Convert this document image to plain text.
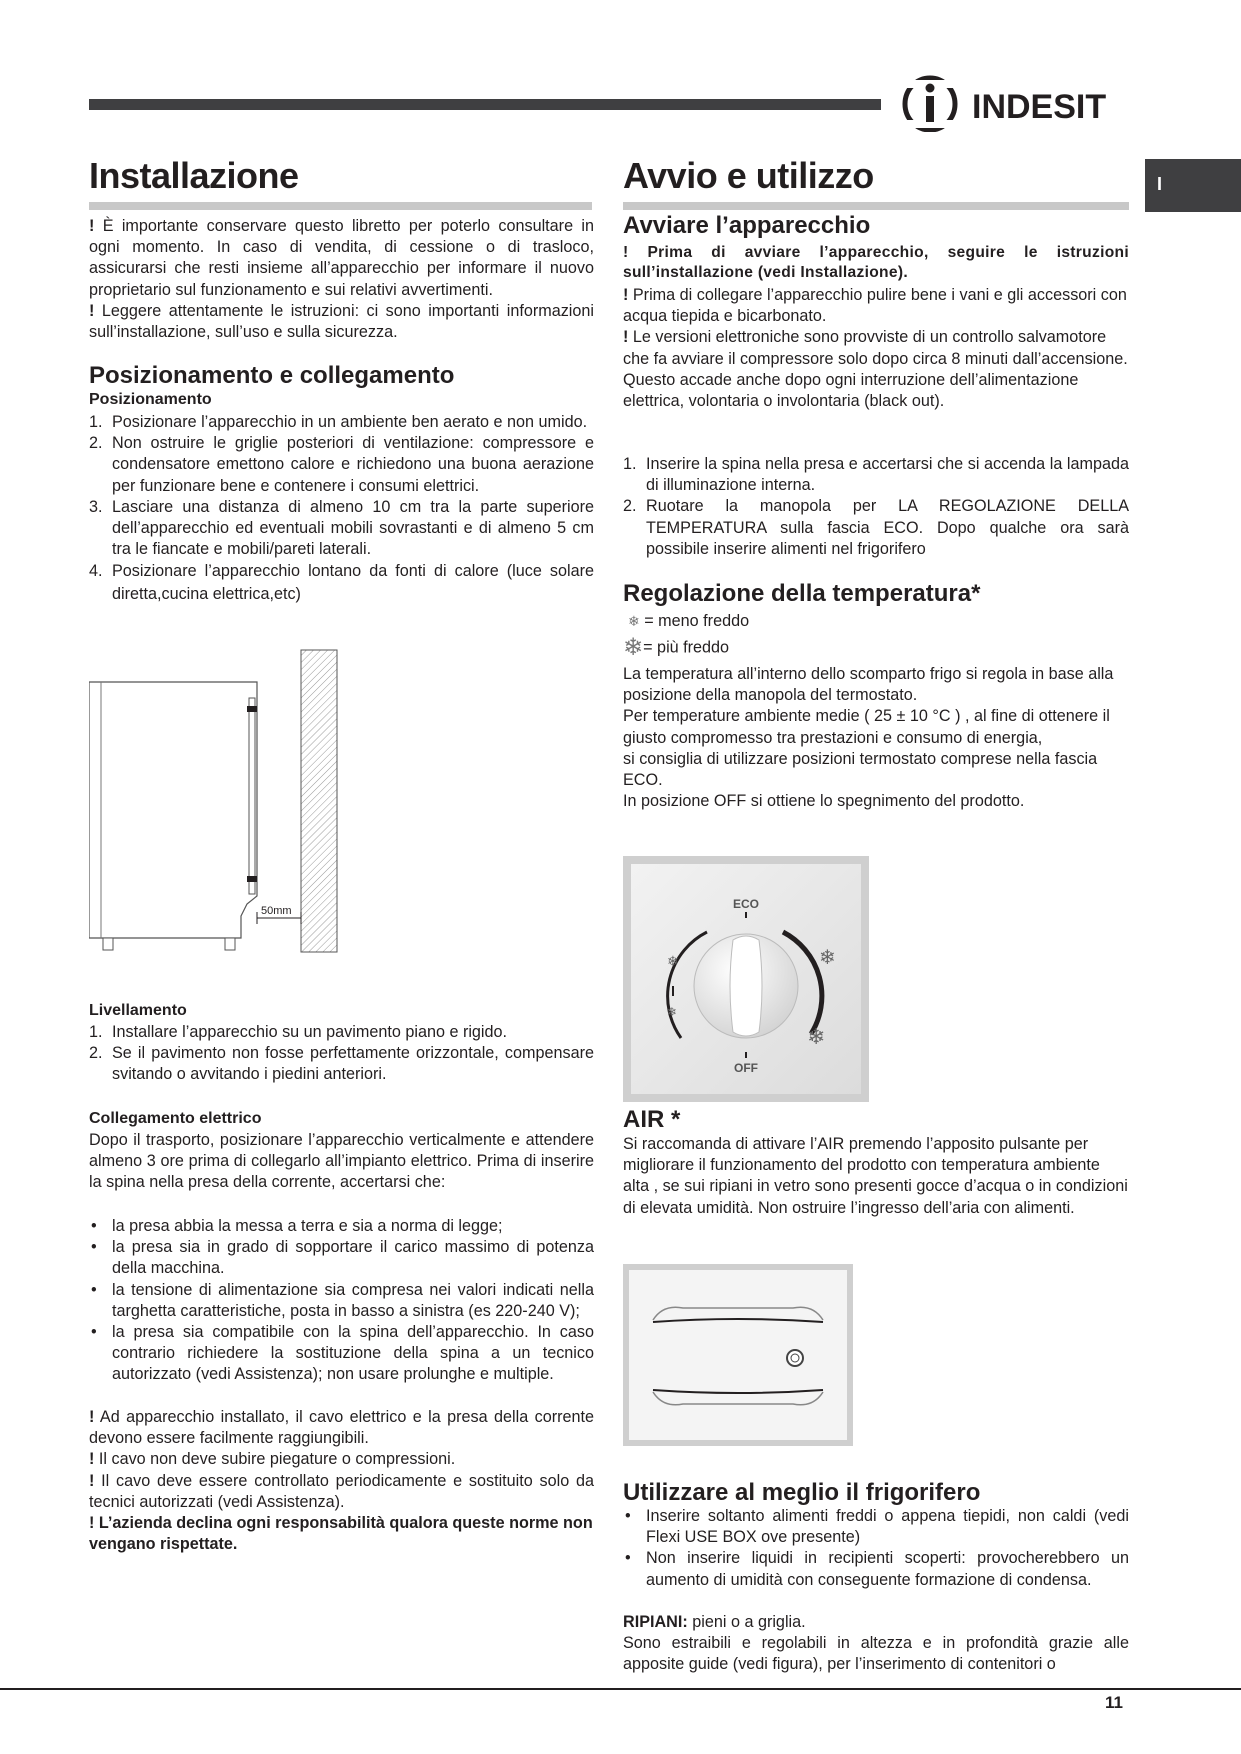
INDESIT
I
Installazione
! È importante conservare questo libretto per poterlo consultare in ogni momento. In caso di vendita, di cessione o di trasloco, assicurarsi che resti insieme all’apparecchio per informare il nuovo proprietario sul funzionamento e sui relativi avvertimenti.
! Leggere attentamente le istruzioni: ci sono importanti informazioni sull’installazione, sull’uso e sulla sicurezza.
Posizionamento e collegamento
Posizionamento
1. Posizionare l’apparecchio in un ambiente ben aerato e non umido.
2. Non ostruire le griglie posteriori di ventilazione: compressore e condensatore emettono calore e richiedono una buona aerazione per funzionare bene e contenere i consumi elettrici.
3. Lasciare una distanza di almeno 10 cm tra la parte superiore dell’apparecchio ed eventuali mobili sovrastanti e di almeno 5 cm tra le fiancate e mobili/pareti laterali.
4. Posizionare l’apparecchio lontano da fonti di calore (luce solare diretta,cucina elettrica,etc)
50mm
Livellamento
1. Installare l’apparecchio su un pavimento piano e rigido.
2. Se il pavimento non fosse perfettamente orizzontale, compensare svitando o avvitando i piedini anteriori.
Collegamento elettrico
Dopo il trasporto, posizionare l’apparecchio verticalmente e attendere almeno 3 ore prima di collegarlo all’impianto elettrico. Prima di inserire la spina nella presa della corrente, accertarsi che:
• la presa abbia la messa a terra e sia a norma di legge;
• la presa sia in grado di sopportare il carico massimo di potenza della macchina.
• la tensione di alimentazione sia compresa nei valori indicati nella targhetta caratteristiche, posta in basso a sinistra (es 220-240 V);
• la presa sia compatibile con la spina dell’apparecchio. In caso contrario richiedere la sostituzione della spina a un tecnico autorizzato (vedi Assistenza); non usare prolunghe e multiple.
! Ad apparecchio installato, il cavo elettrico e la presa della corrente devono essere facilmente raggiungibili.
! Il cavo non deve subire piegature o compressioni.
! Il cavo deve essere controllato periodicamente e sostituito solo da tecnici autorizzati (vedi Assistenza).
! L’azienda declina ogni responsabilità qualora queste norme non vengano rispettate.
Avvio e utilizzo
Avviare l’apparecchio
! Prima di avviare l’apparecchio, seguire le istruzioni sull’installazione (vedi Installazione).
! Prima di collegare l’apparecchio pulire bene i vani e gli accessori con acqua tiepida e bicarbonato.
! Le versioni elettroniche sono provviste di un controllo salvamotore che fa avviare il compressore solo dopo circa 8 minuti dall’accensione. Questo accade anche dopo ogni interruzione dell’alimentazione elettrica, volontaria o involontaria (black out).
1. Inserire la spina nella presa e accertarsi che si accenda la lampada di illuminazione interna.
2. Ruotare la manopola per LA REGOLAZIONE DELLA TEMPERATURA sulla fascia ECO. Dopo qualche ora sarà possibile inserire alimenti nel frigorifero
Regolazione della temperatura*
❄ = meno freddo
❄= più freddo
La temperatura all’interno dello scomparto frigo si regola in base alla posizione della manopola del termostato.
Per temperature ambiente medie ( 25 ± 10 °C ) , al fine di ottenere il giusto compromesso tra prestazioni e consumo di energia,
si consiglia di utilizzare posizioni termostato comprese nella fascia ECO.
In posizione OFF si ottiene lo spegnimento del prodotto.
ECO
OFF
❄
❄
❄
❄
AIR *
Si raccomanda di attivare l’AIR premendo l’apposito pulsante per migliorare il funzionamento del prodotto con temperatura ambiente alta , se sui ripiani in vetro sono presenti gocce d’acqua o in condizioni di elevata umidità. Non ostruire l’ingresso dell’aria con alimenti.
Utilizzare al meglio il frigorifero
• Inserire soltanto alimenti freddi o appena tiepidi, non caldi (vedi Flexi USE BOX ove presente)
• Non inserire liquidi in recipienti scoperti: provocherebbero un aumento di umidità con conseguente formazione di condensa.
RIPIANI: pieni o a griglia.
Sono estraibili e regolabili in altezza e in profondità grazie alle apposite guide (vedi figura), per l’inserimento di contenitori o
11
